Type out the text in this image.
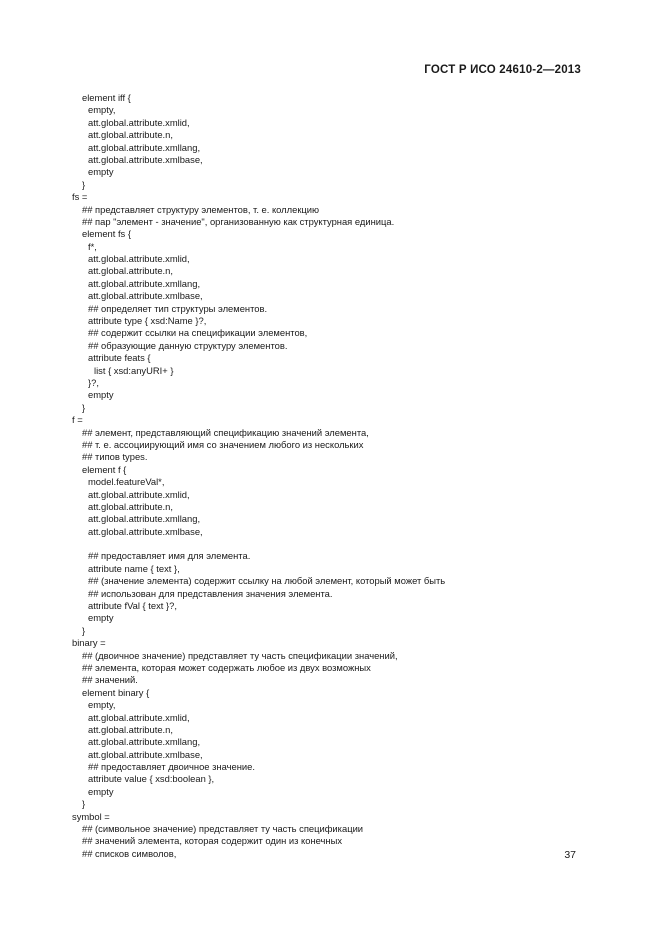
ГОСТ Р ИСО 24610-2—2013
element iff {
empty,
att.global.attribute.xmlid,
att.global.attribute.n,
att.global.attribute.xmllang,
att.global.attribute.xmlbase,
empty
}
fs =
## представляет структуру элементов, т. е. коллекцию
## пар "элемент - значение", организованную как структурная единица.
element fs {
f*,
att.global.attribute.xmlid,
att.global.attribute.n,
att.global.attribute.xmllang,
att.global.attribute.xmlbase,
## определяет тип структуры элементов.
attribute type { xsd:Name }?,
## содержит ссылки на спецификации элементов,
## образующие данную структуру элементов.
attribute feats {
list { xsd:anyURI+ }
}?,
empty
}
f =
## элемент, представляющий спецификацию значений элемента,
## т. е. ассоциирующий имя со значением любого из нескольких
## типов types.
element f {
model.featureVal*,
att.global.attribute.xmlid,
att.global.attribute.n,
att.global.attribute.xmllang,
att.global.attribute.xmlbase,
## предоставляет имя для элемента.
attribute name { text },
## (значение элемента) содержит ссылку на любой элемент, который может быть
## использован для представления значения элемента.
attribute fVal { text }?,
empty
}
binary =
## (двоичное значение) представляет ту часть спецификации значений,
## элемента, которая может содержать любое из двух возможных
## значений.
element binary {
empty,
att.global.attribute.xmlid,
att.global.attribute.n,
att.global.attribute.xmllang,
att.global.attribute.xmlbase,
## предоставляет двоичное значение.
attribute value { xsd:boolean },
empty
}
symbol =
## (символьное значение) представляет ту часть спецификации
## значений элемента, которая содержит один из конечных
## списков символов,	37
